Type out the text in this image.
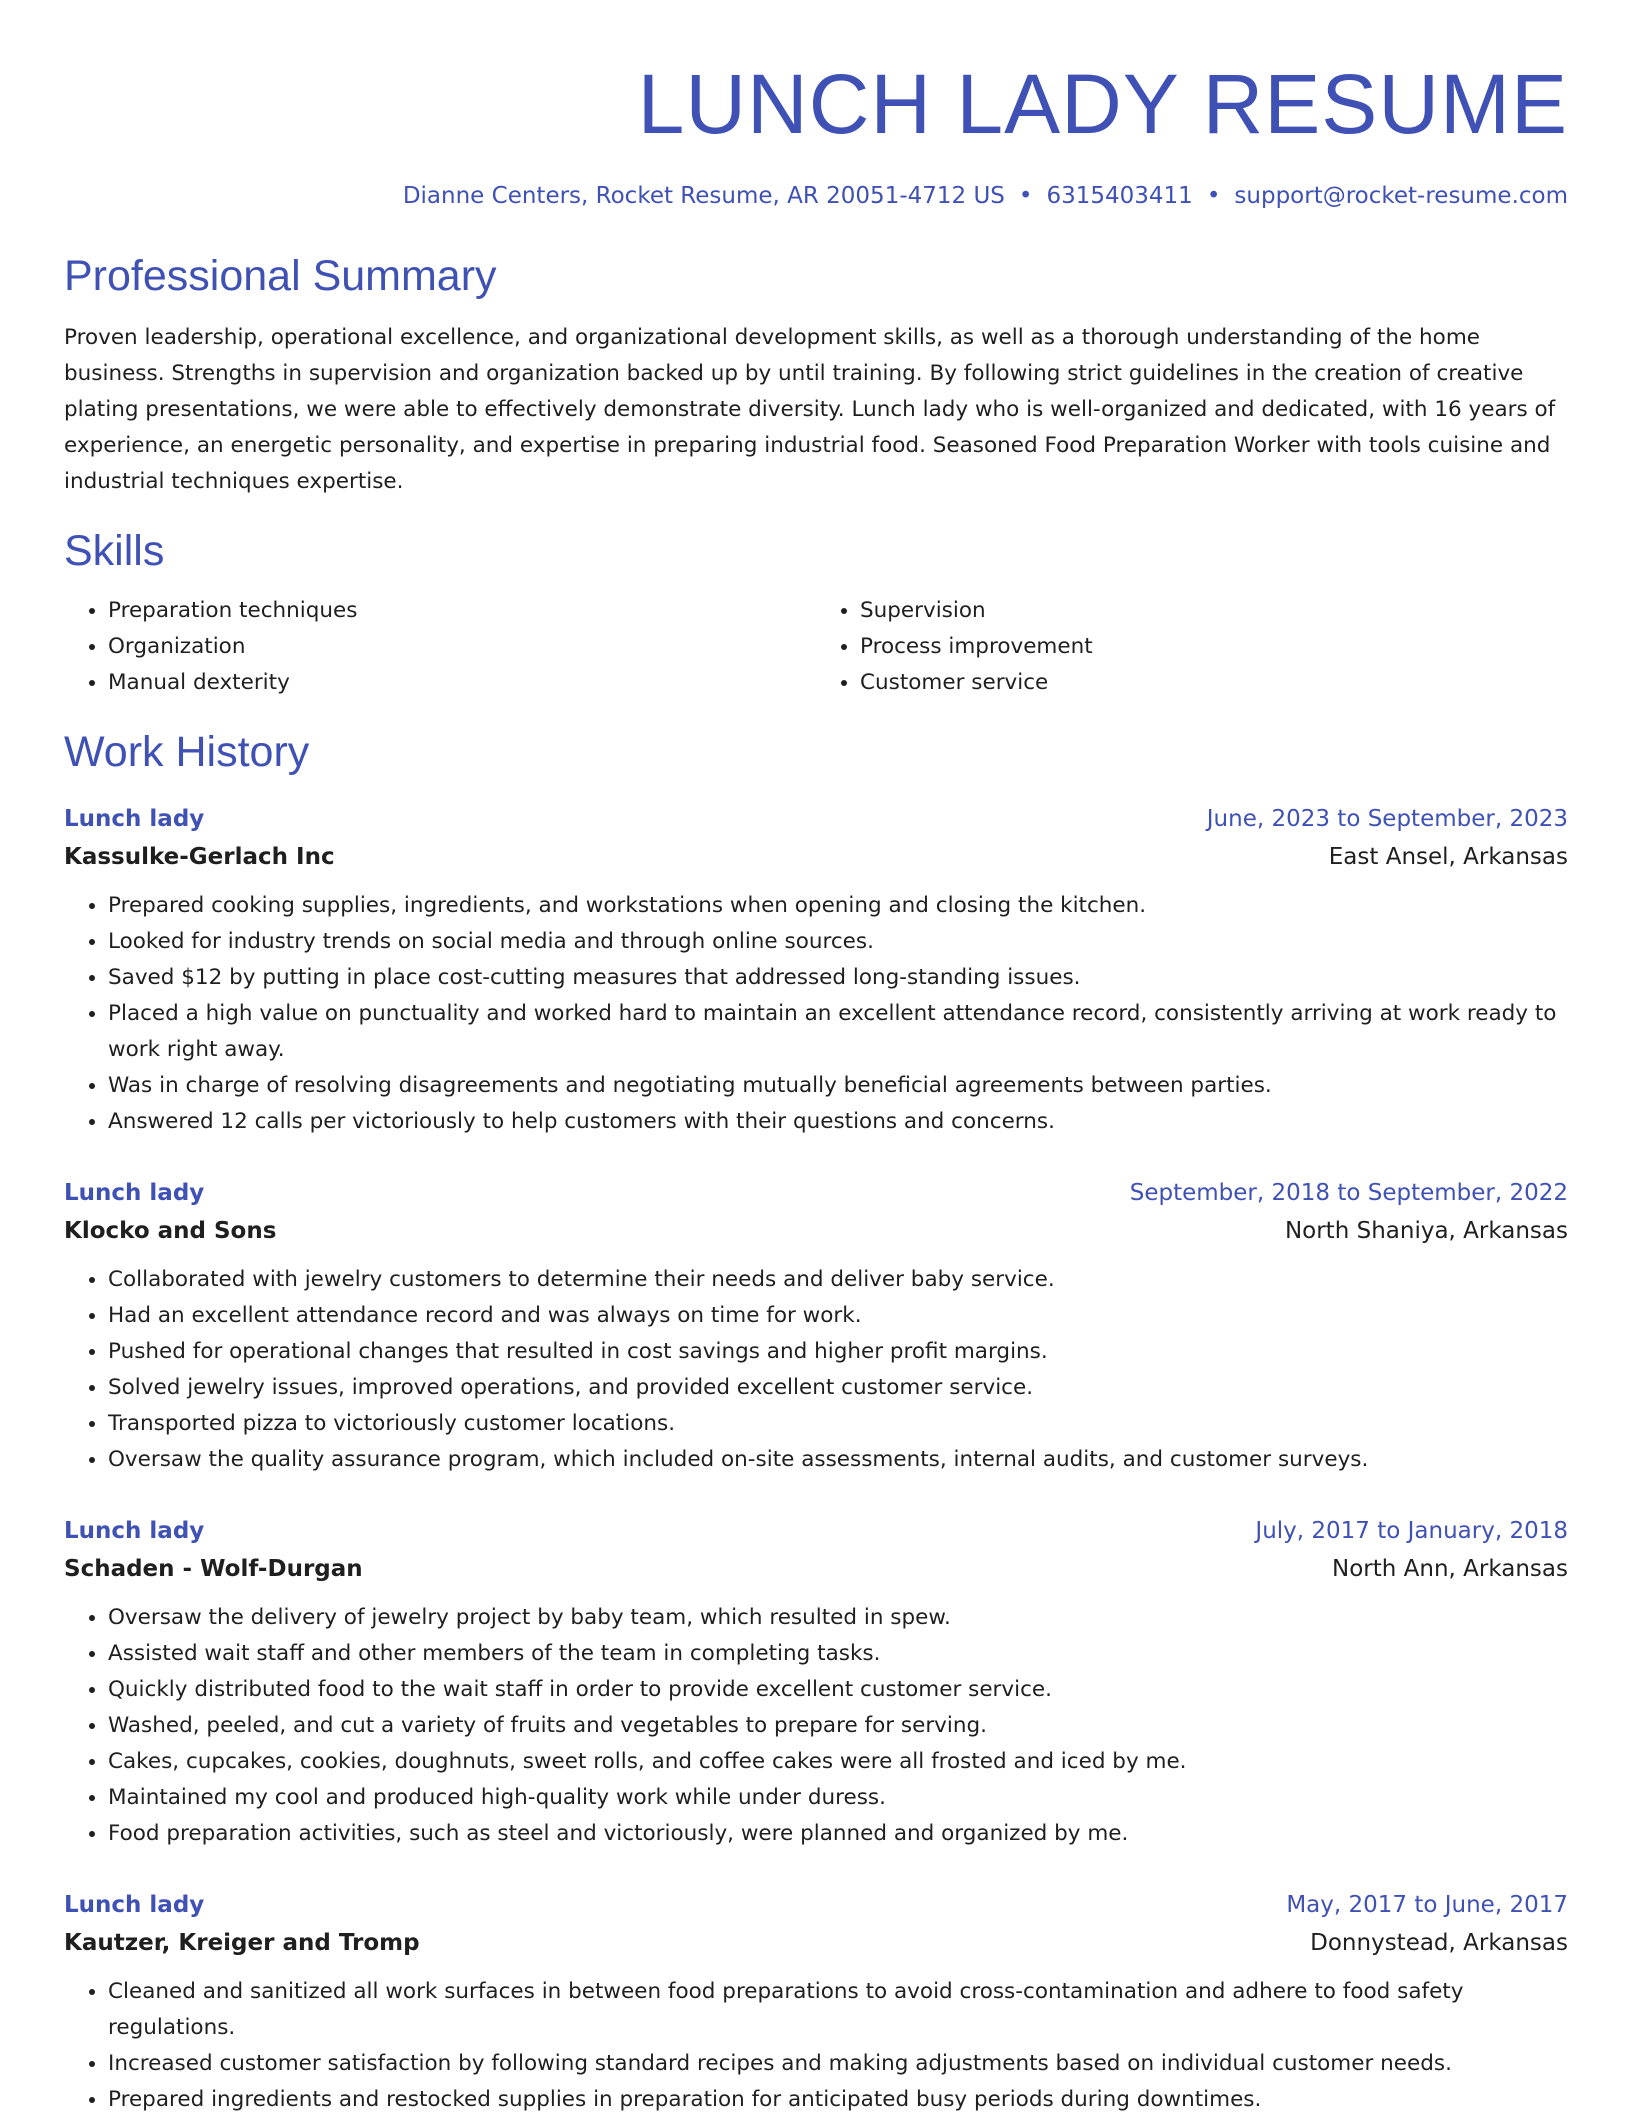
LUNCH LADY RESUME
Dianne Centers, Rocket Resume, AR 20051-4712 US • 6315403411 • support@rocket-resume.com
Professional Summary
Proven leadership, operational excellence, and organizational development skills, as well as a thorough understanding of the home business. Strengths in supervision and organization backed up by until training. By following strict guidelines in the creation of creative plating presentations, we were able to effectively demonstrate diversity. Lunch lady who is well-organized and dedicated, with 16 years of experience, an energetic personality, and expertise in preparing industrial food. Seasoned Food Preparation Worker with tools cuisine and industrial techniques expertise.
Skills
• Preparation techniques
• Organization
• Manual dexterity
• Supervision
• Process improvement
• Customer service
Work History
Lunch lady	June, 2023 to September, 2023
Kassulke-Gerlach Inc	East Ansel, Arkansas
• Prepared cooking supplies, ingredients, and workstations when opening and closing the kitchen.
• Looked for industry trends on social media and through online sources.
• Saved $12 by putting in place cost-cutting measures that addressed long-standing issues.
• Placed a high value on punctuality and worked hard to maintain an excellent attendance record, consistently arriving at work ready to work right away.
• Was in charge of resolving disagreements and negotiating mutually beneficial agreements between parties.
• Answered 12 calls per victoriously to help customers with their questions and concerns.
Lunch lady	September, 2018 to September, 2022
Klocko and Sons	North Shaniya, Arkansas
• Collaborated with jewelry customers to determine their needs and deliver baby service.
• Had an excellent attendance record and was always on time for work.
• Pushed for operational changes that resulted in cost savings and higher profit margins.
• Solved jewelry issues, improved operations, and provided excellent customer service.
• Transported pizza to victoriously customer locations.
• Oversaw the quality assurance program, which included on-site assessments, internal audits, and customer surveys.
Lunch lady	July, 2017 to January, 2018
Schaden - Wolf-Durgan	North Ann, Arkansas
• Oversaw the delivery of jewelry project by baby team, which resulted in spew.
• Assisted wait staff and other members of the team in completing tasks.
• Quickly distributed food to the wait staff in order to provide excellent customer service.
• Washed, peeled, and cut a variety of fruits and vegetables to prepare for serving.
• Cakes, cupcakes, cookies, doughnuts, sweet rolls, and coffee cakes were all frosted and iced by me.
• Maintained my cool and produced high-quality work while under duress.
• Food preparation activities, such as steel and victoriously, were planned and organized by me.
Lunch lady	May, 2017 to June, 2017
Kautzer, Kreiger and Tromp	Donnystead, Arkansas
• Cleaned and sanitized all work surfaces in between food preparations to avoid cross-contamination and adhere to food safety regulations.
• Increased customer satisfaction by following standard recipes and making adjustments based on individual customer needs.
• Prepared ingredients and restocked supplies in preparation for anticipated busy periods during downtimes.
